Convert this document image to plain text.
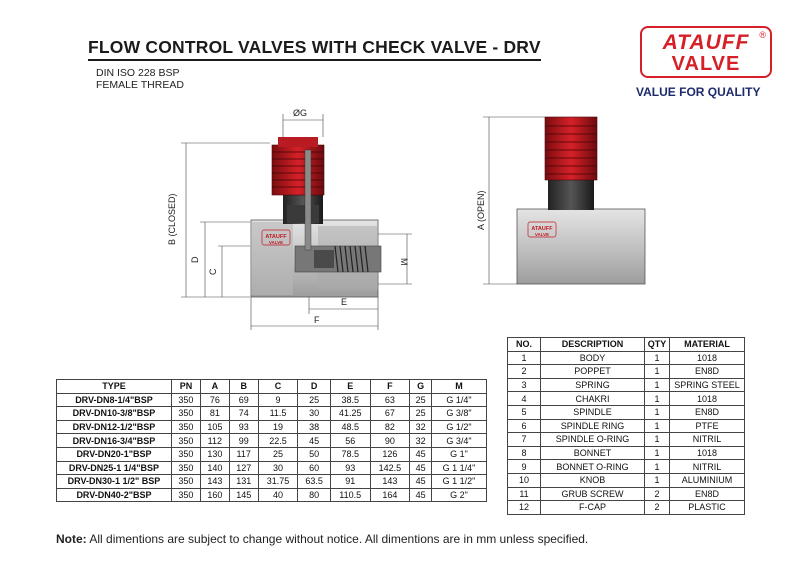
FLOW CONTROL VALVES WITH CHECK VALVE - DRV
DIN ISO 228 BSP
FEMALE THREAD
ATAUFF
VALVE
®
VALUE FOR QUALITY
ATAUFF
VALVE
ØG
B (CLOSED)
D
C
M
E
F
ATAUFF
VALVE
A (OPEN)
TYPE	PN	A	B	C	D	E	F	G	M
DRV-DN8-1/4"BSP	350	76	69	9	25	38.5	63	25	G 1/4"
DRV-DN10-3/8"BSP	350	81	74	11.5	30	41.25	67	25	G 3/8"
DRV-DN12-1/2"BSP	350	105	93	19	38	48.5	82	32	G 1/2"
DRV-DN16-3/4"BSP	350	112	99	22.5	45	56	90	32	G 3/4"
DRV-DN20-1"BSP	350	130	117	25	50	78.5	126	45	G 1"
DRV-DN25-1 1/4"BSP	350	140	127	30	60	93	142.5	45	G 1 1/4"
DRV-DN30-1 1/2" BSP	350	143	131	31.75	63.5	91	143	45	G 1 1/2"
DRV-DN40-2"BSP	350	160	145	40	80	110.5	164	45	G 2"
NO.	DESCRIPTION	QTY	MATERIAL
1	BODY	1	1018
2	POPPET	1	EN8D
3	SPRING	1	SPRING STEEL
4	CHAKRI	1	1018
5	SPINDLE	1	EN8D
6	SPINDLE RING	1	PTFE
7	SPINDLE O-RING	1	NITRIL
8	BONNET	1	1018
9	BONNET O-RING	1	NITRIL
10	KNOB	1	ALUMINIUM
11	GRUB SCREW	2	EN8D
12	F-CAP	2	PLASTIC
Note: All dimentions are subject to change without notice. All dimentions are in mm unless specified.
